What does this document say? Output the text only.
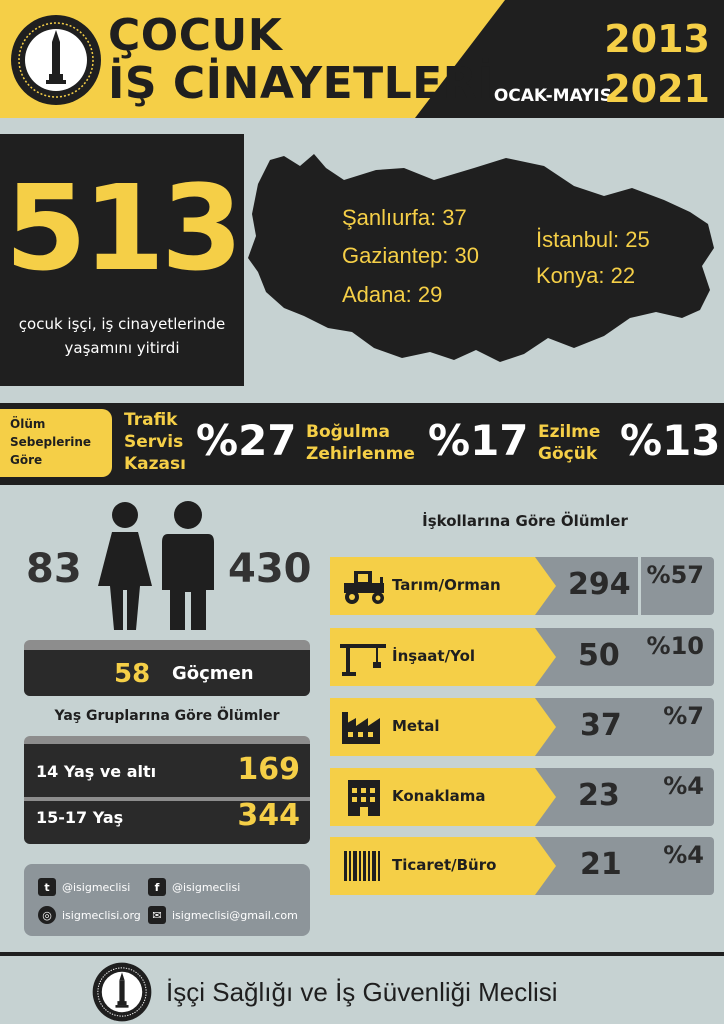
ÇOCUK
İŞ CİNAYETLERİ
2013
OCAK-MAYIS
2021
513
çocuk işçi, iş cinayetlerinde yaşamını yitirdi
Şanlıurfa: 37
Gaziantep: 30
Adana: 29
İstanbul: 25
Konya: 22
Ölüm Sebeplerine Göre
Trafik
Servis
Kazası %27 Boğulma
Zehirlenme %17 Ezilme
Göçük %13
83	430
58 Göçmen
Yaş Gruplarına Göre Ölümler
14 Yaş ve altı	169
15-17 Yaş	344
t	@isigmeclisi	f	@isigmeclisi
◎ isigmeclisi.org	✉ isigmeclisi@gmail.com
İşkollarına Göre Ölümler
Tarım/Orman 294 %57
İnşaat/Yol	50 %10
Metal	37 %7
Konaklama	23 %4
Ticaret/Büro	21 %4
İşçi Sağlığı ve İş Güvenliği Meclisi
